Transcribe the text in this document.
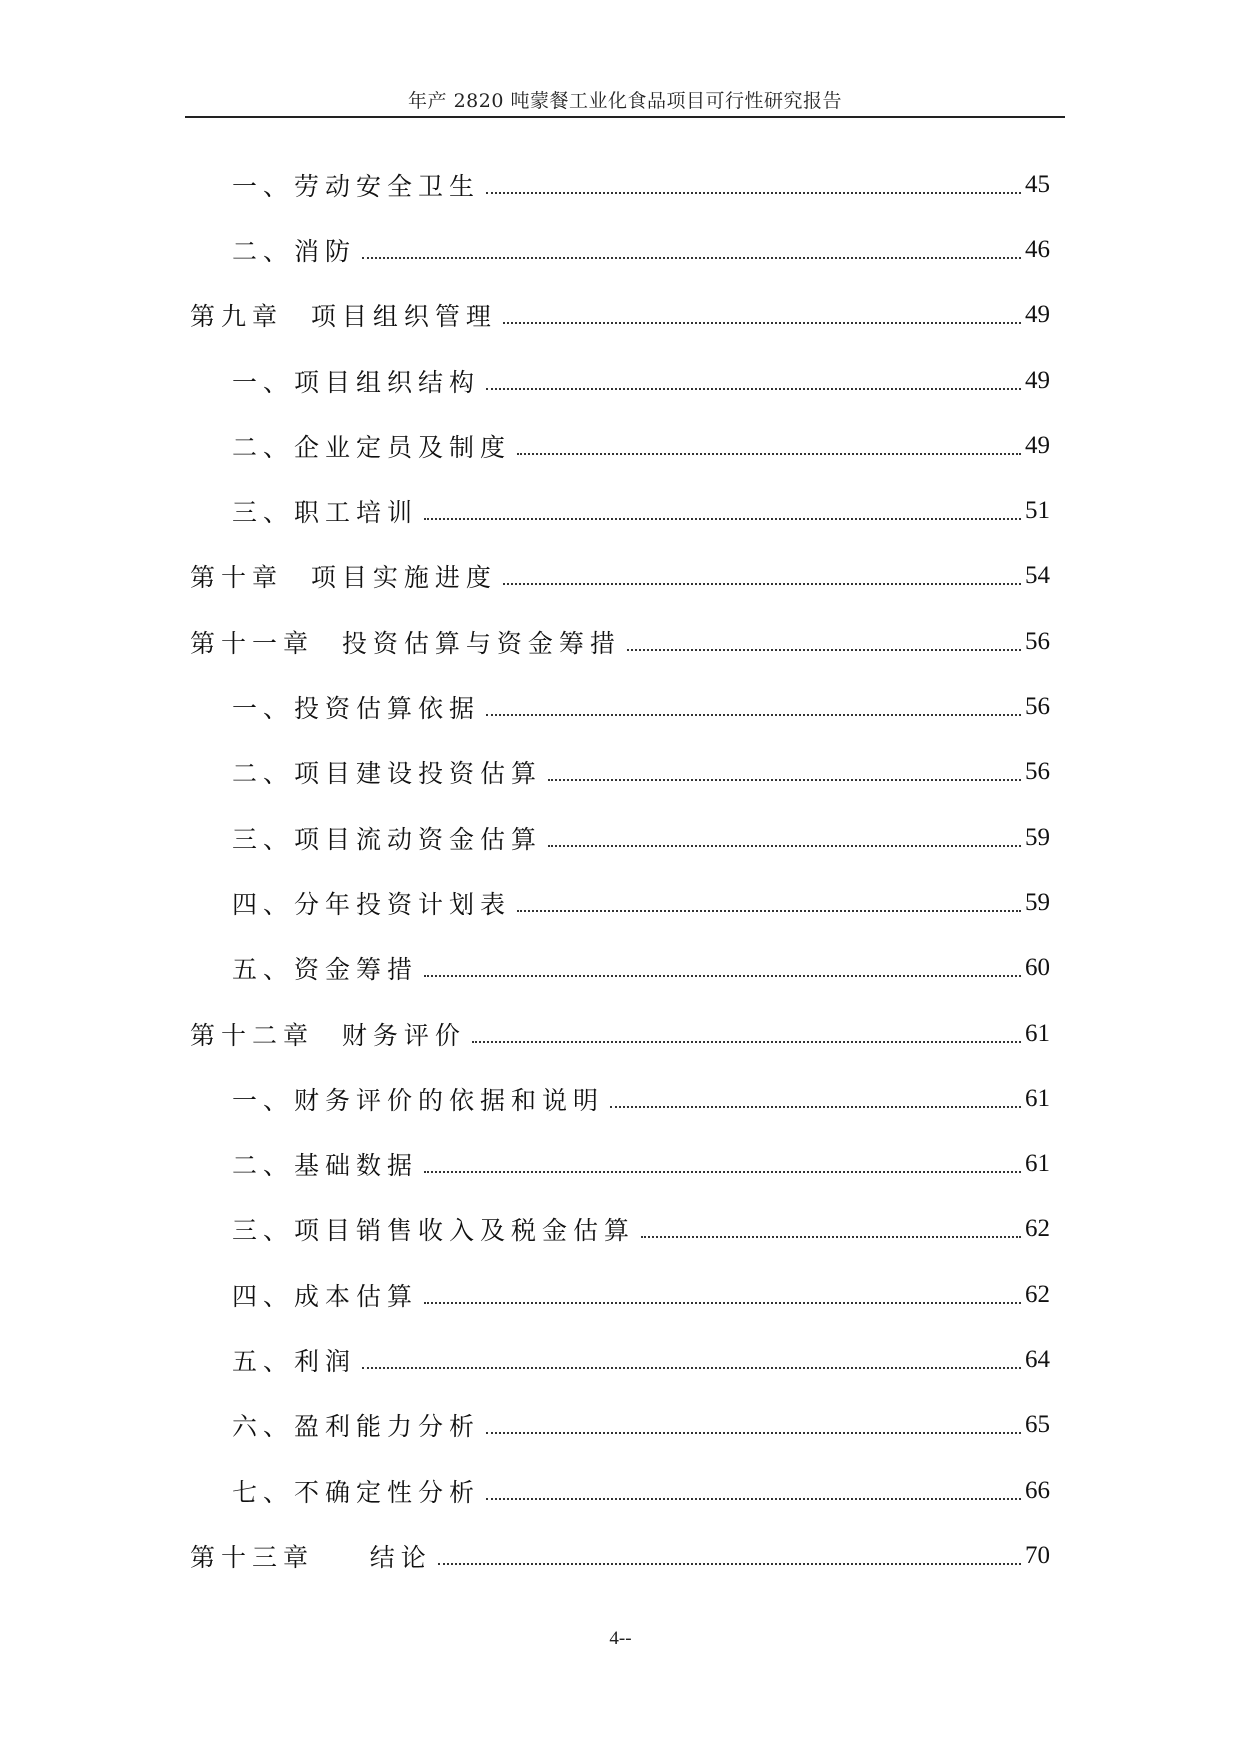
年产 2820 吨蒙餐工业化食品项目可行性研究报告
一、劳动安全卫生	45
二、消防	46
第九章  项目组织管理	49
一、项目组织结构	49
二、企业定员及制度	49
三、职工培训	51
第十章  项目实施进度	54
第十一章  投资估算与资金筹措	56
一、投资估算依据	56
二、项目建设投资估算	56
三、项目流动资金估算	59
四、分年投资计划表	59
五、资金筹措	60
第十二章  财务评价	61
一、财务评价的依据和说明	61
二、基础数据	61
三、项目销售收入及税金估算	62
四、成本估算	62
五、利润	64
六、盈利能力分析	65
七、不确定性分析	66
第十三章    结论	70
4--
